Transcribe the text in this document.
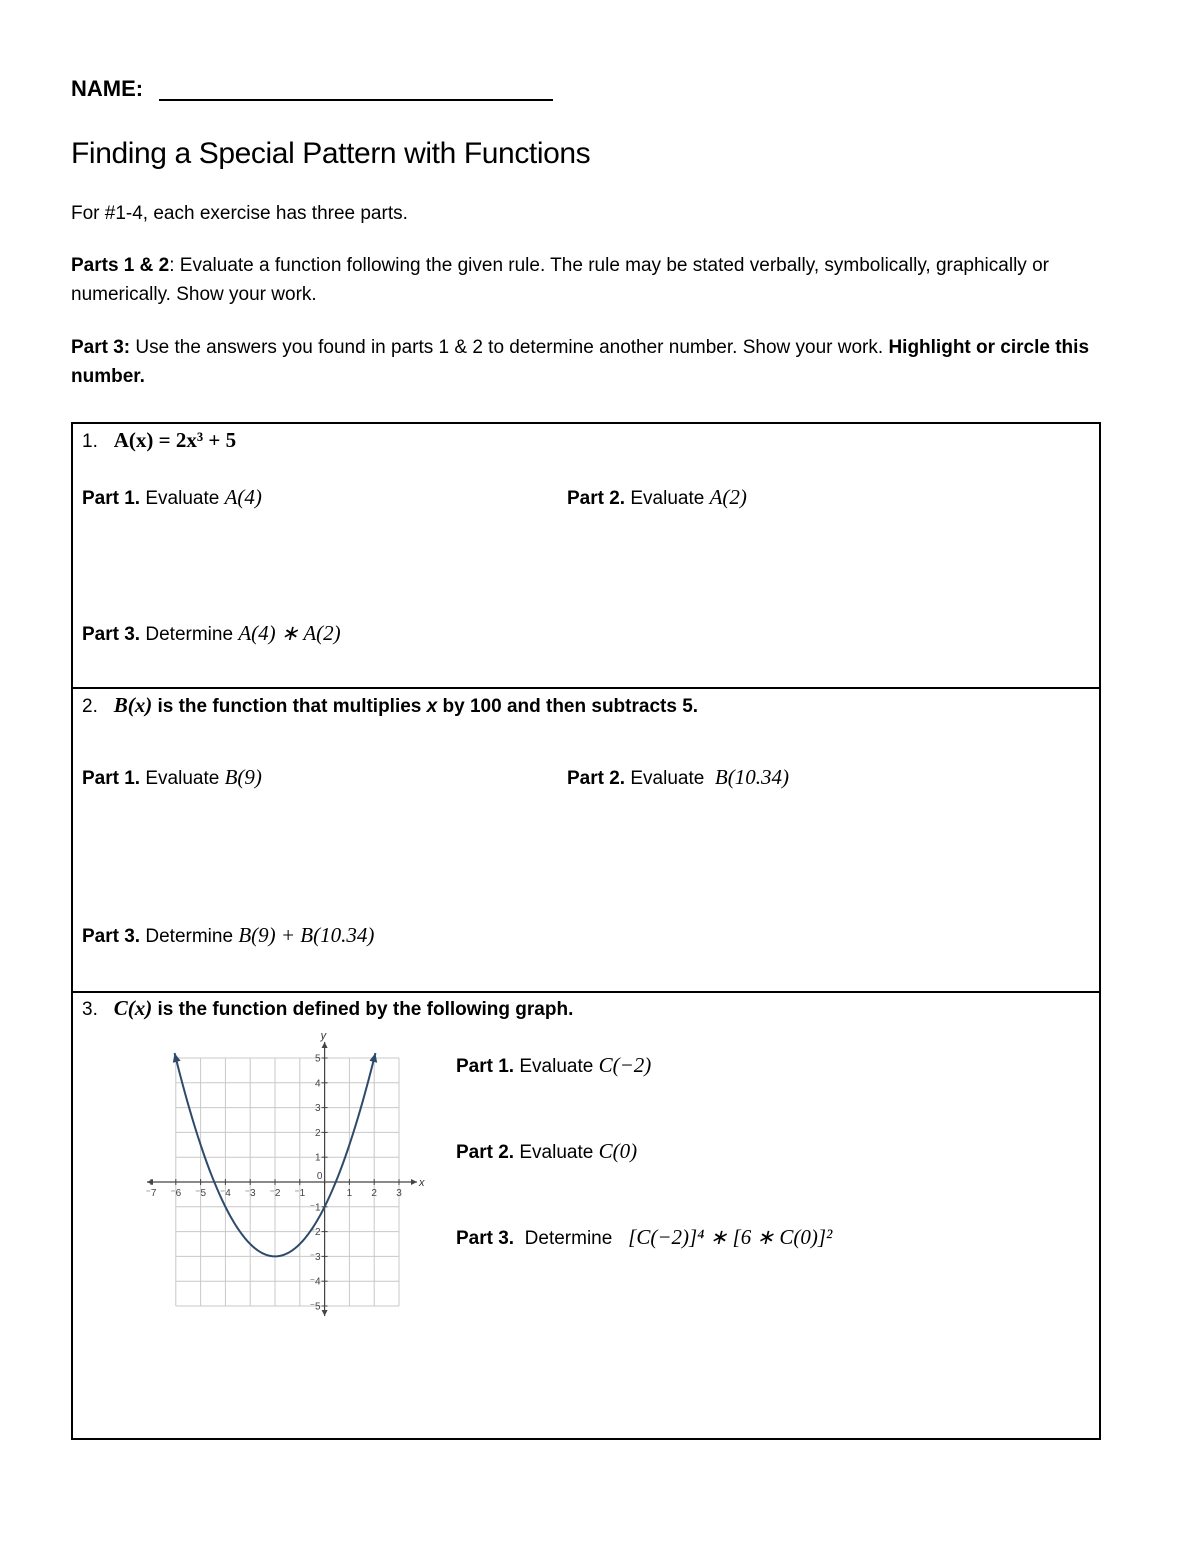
NAME:
Finding a Special Pattern with Functions
For #1-4, each exercise has three parts.
Parts 1 & 2: Evaluate a function following the given rule. The rule may be stated verbally, symbolically, graphically or numerically. Show your work.
Part 3: Use the answers you found in parts 1 & 2 to determine another number. Show your work. Highlight or circle this number.
1. A(x) = 2x³ + 5
Part 1. Evaluate A(4)	Part 2. Evaluate A(2)
Part 3. Determine A(4) ∗ A(2)
2. B(x) is the function that multiplies x by 100 and then subtracts 5.
Part 1. Evaluate B(9)	Part 2. Evaluate B(10.34)
Part 3. Determine B(9) + B(10.34)
3. C(x) is the function defined by the following graph.
x
y
⁻7 ⁻6 ⁻5 ⁻4 ⁻3 ⁻2 ⁻1
0
1 2 3
⁻5
⁻4
⁻3
⁻2
⁻1
1
2
3
4
5	Part 1. Evaluate C(−2)
Part 2. Evaluate C(0)
Part 3. Determine [C(−2)]⁴ ∗ [6 ∗ C(0)]²
